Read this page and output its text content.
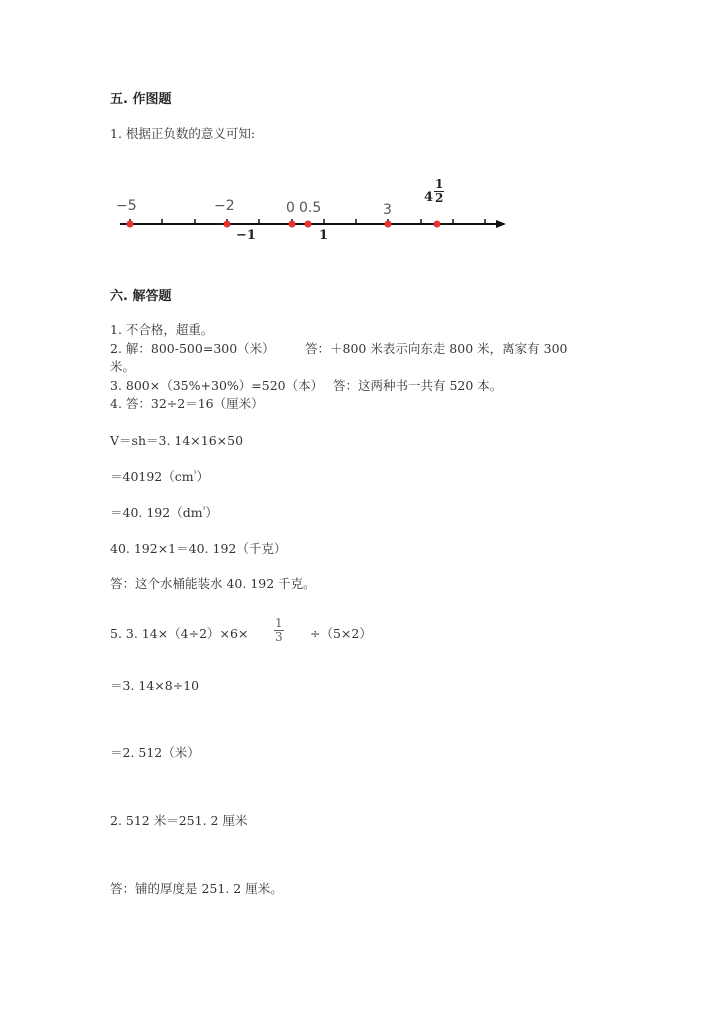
五. 作图题
1. 根据正负数的意义可知:
−5	−2	0 0.5	3
$4 \frac{1}{2}$
−1	1
六. 解答题
1. 不合格，超重。
2. 解：800-500=300（米） 答：＋800 米表示向东走 800 米，离家有 300
米。
3. 800×（35%+30%）=520（本） 答：这两种书一共有 520 本。
4. 答：32÷2＝16（厘米）
V＝sh＝3. 14×16×50
$=40192(cm^{^3})$
＝40. $192(dm^{^3})$
40. 192×1＝40. 192（千克）
答：这个水桶能装水 40. 192 千克。
5. 3. $14\times(4\div 2)\times 6\times \frac{1}{3} \div(5\times 2)$
＝3. 14×8÷10
＝2. 512（米）
2. 512 米＝251. 2 厘米
答：铺的厚度是 251. 2 厘米。
